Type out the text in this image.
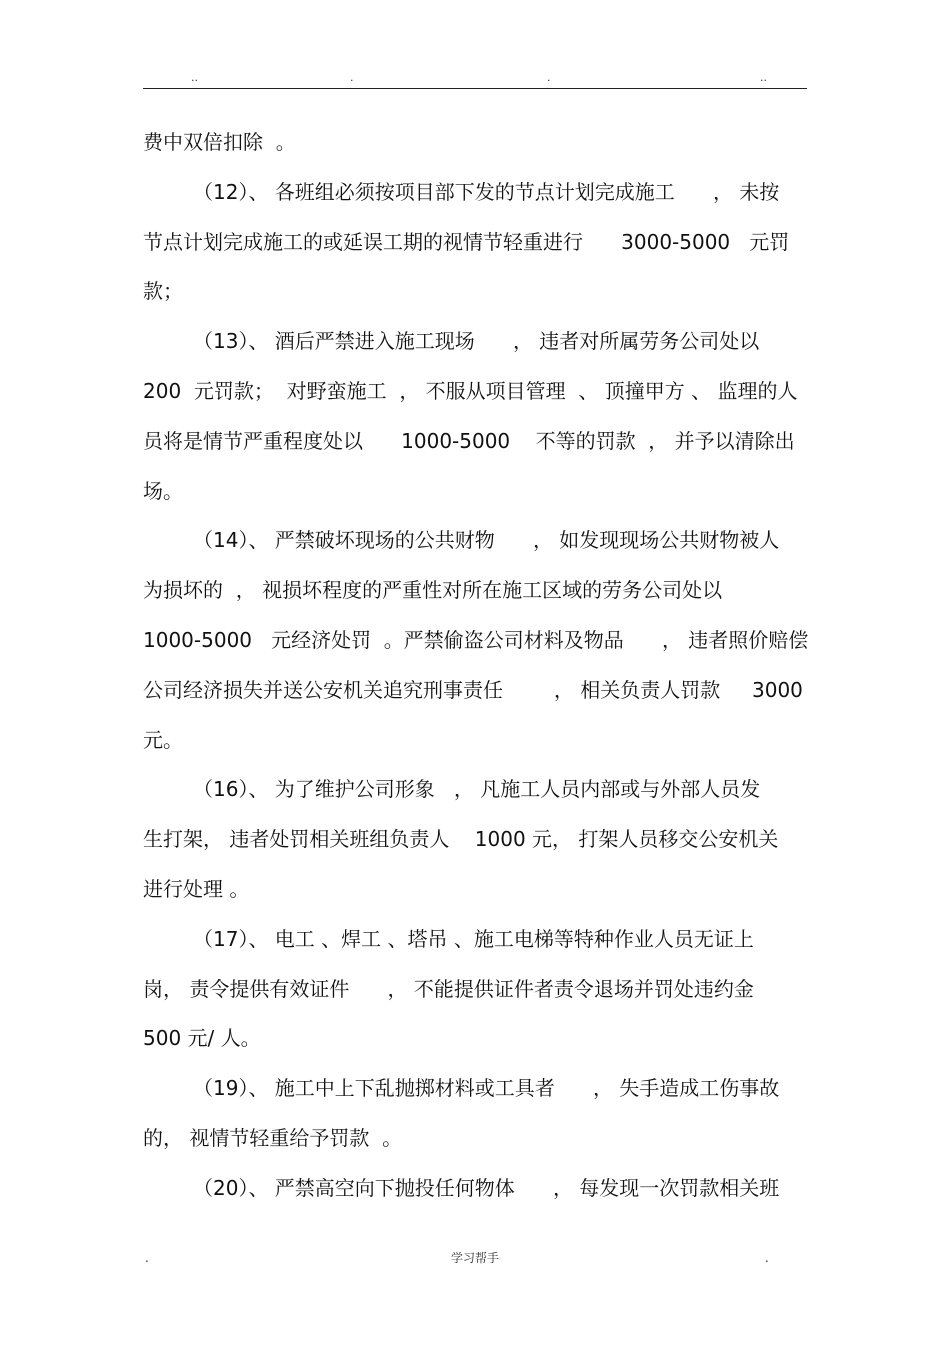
..	.	.	..
费中双倍扣除  。
（12）、 各班组必须按项目部下发的节点计划完成施工      ， 未按
节点计划完成施工的或延误工期的视情节轻重进行      3000-5000   元罚
款；
（13）、 酒后严禁进入施工现场      ， 违者对所属劳务公司处以
200  元罚款；  对野蛮施工  ， 不服从项目管理  、 顶撞甲方 、 监理的人
员将是情节严重程度处以      1000-5000    不等的罚款  ， 并予以清除出
场。
（14）、 严禁破坏现场的公共财物      ， 如发现现场公共财物被人
为损坏的  ， 视损坏程度的严重性对所在施工区域的劳务公司处以
1000-5000   元经济处罚  。严禁偷盗公司材料及物品      ， 违者照价赔偿
公司经济损失并送公安机关追究刑事责任        ， 相关负责人罚款     3000
元。
（16）、 为了维护公司形象   ， 凡施工人员内部或与外部人员发
生打架， 违者处罚相关班组负责人    1000 元， 打架人员移交公安机关
进行处理 。
（17）、 电工 、焊工 、塔吊 、施工电梯等特种作业人员无证上
岗， 责令提供有效证件      ， 不能提供证件者责令退场并罚处违约金
500 元/ 人。
（19）、 施工中上下乱抛掷材料或工具者      ， 失手造成工伤事故
的， 视情节轻重给予罚款  。
（20）、 严禁高空向下抛投任何物体      ， 每发现一次罚款相关班
.	学习帮手	.
